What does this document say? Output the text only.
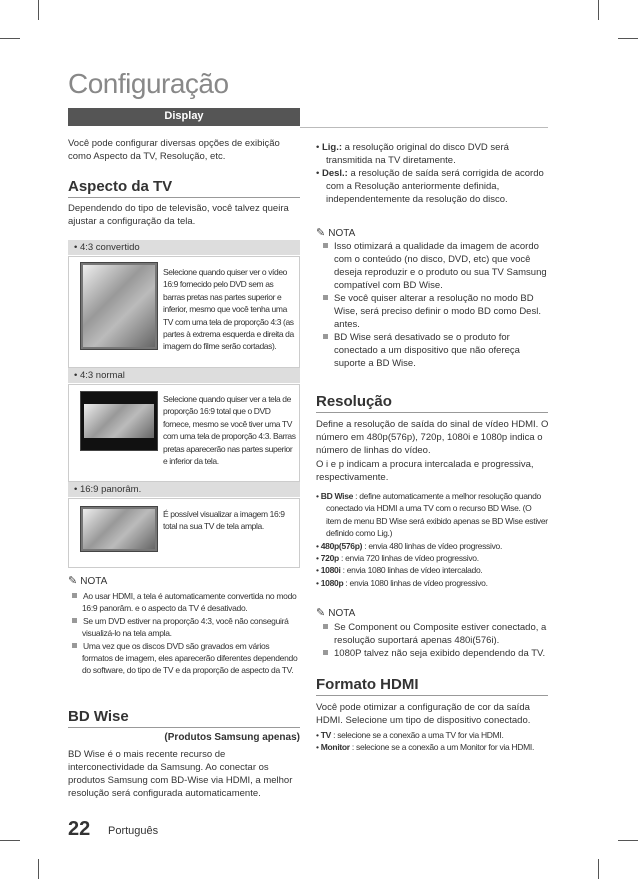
Configuração
Display
Você pode configurar diversas opções de exibição como Aspecto da TV, Resolução, etc.
Aspecto da TV
Dependendo do tipo de televisão, você talvez queira ajustar a configuração da tela.
• 4:3 convertido
Selecione quando quiser ver o vídeo 16:9 fornecido pelo DVD sem as barras pretas nas partes superior e inferior, mesmo que você tenha uma TV com uma tela de proporção 4:3 (as partes à extrema esquerda e direita da imagem do filme serão cortadas).
• 4:3 normal
Selecione quando quiser ver a tela de proporção 16:9 total que o DVD fornece, mesmo se você tiver uma TV com uma tela de proporção 4:3. Barras pretas aparecerão nas partes superior e inferior da tela.
• 16:9 panorâm.
É possível visualizar a imagem 16:9 total na sua TV de tela ampla.
✎ NOTA
Ao usar HDMI, a tela é automaticamente convertida no modo 16:9 panorâm. e o aspecto da TV é desativado.
Se um DVD estiver na proporção 4:3, você não conseguirá visualizá-lo na tela ampla.
Uma vez que os discos DVD são gravados em vários formatos de imagem, eles aparecerão diferentes dependendo do software, do tipo de TV e da proporção de aspecto da TV.
BD Wise
(Produtos Samsung apenas)
BD Wise é o mais recente recurso de interconectividade da Samsung. Ao conectar os produtos Samsung com BD-Wise via HDMI, a melhor resolução será configurada automaticamente.
• Lig.: a resolução original do disco DVD será transmitida na TV diretamente.
• Desl.: a resolução de saída será corrigida de acordo com a Resolução anteriormente definida, independentemente da resolução do disco.
✎ NOTA
Isso otimizará a qualidade da imagem de acordo com o conteúdo (no disco, DVD, etc) que você deseja reproduzir e o produto ou sua TV Samsung compatível com BD Wise.
Se você quiser alterar a resolução no modo BD Wise, será preciso definir o modo BD como Desl. antes.
BD Wise será desativado se o produto for conectado a um dispositivo que não ofereça suporte a BD Wise.
Resolução
Define a resolução de saída do sinal de vídeo HDMI. O número em 480p(576p), 720p, 1080i e 1080p indica o número de linhas do vídeo.
O i e p indicam a procura intercalada e progressiva, respectivamente.
• BD Wise : define automaticamente a melhor resolução quando conectado via HDMI a uma TV com o recurso BD Wise. (O item de menu BD Wise será exibido apenas se BD Wise estiver definido como Lig.)
• 480p(576p) : envia 480 linhas de vídeo progressivo.
• 720p : envia 720 linhas de vídeo progressivo.
• 1080i : envia 1080 linhas de vídeo intercalado.
• 1080p : envia 1080 linhas de vídeo progressivo.
✎ NOTA
Se Component ou Composite estiver conectado, a resolução suportará apenas 480i(576i).
1080P talvez não seja exibido dependendo da TV.
Formato HDMI
Você pode otimizar a configuração de cor da saída HDMI. Selecione um tipo de dispositivo conectado.
• TV : selecione se a conexão a uma TV for via HDMI.
• Monitor : selecione se a conexão a um Monitor for via HDMI.
22 Português
